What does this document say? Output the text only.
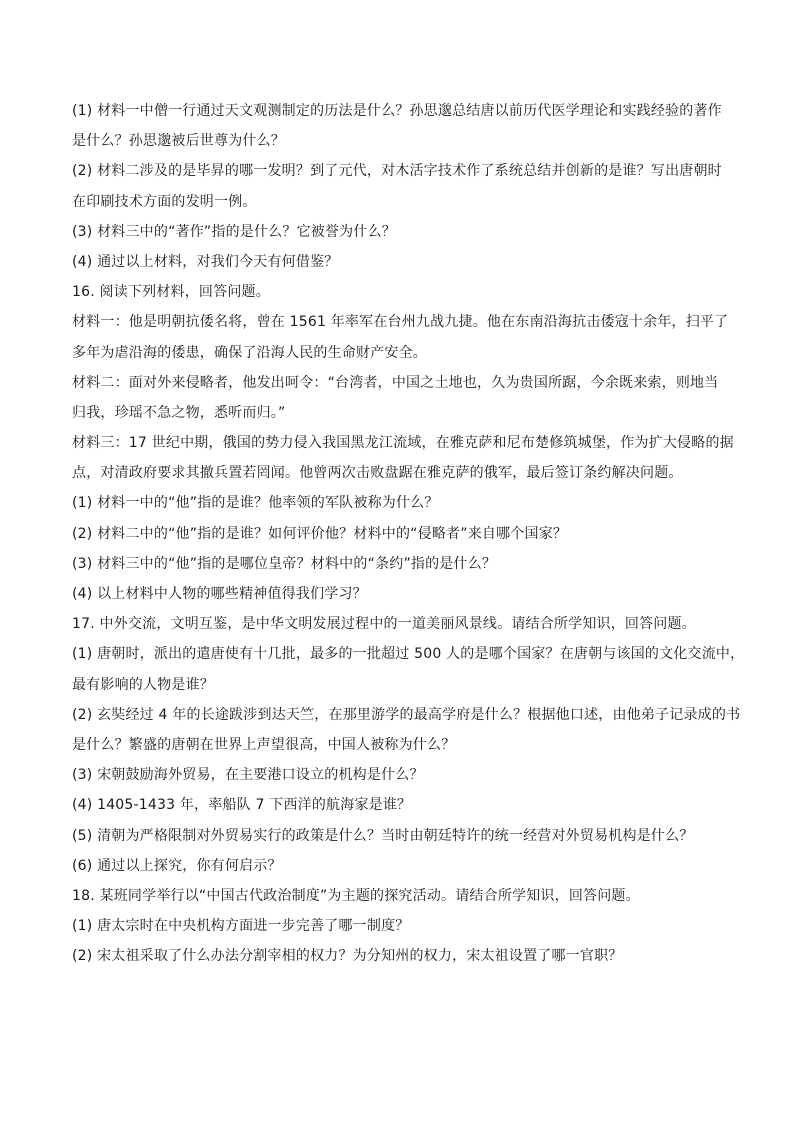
(1) 材料一中僧一行通过天文观测制定的历法是什么？孙思邈总结唐以前历代医学理论和实践经验的著作
是什么？孙思邈被后世尊为什么？
(2) 材料二涉及的是毕昇的哪一发明？到了元代，对木活字技术作了系统总结并创新的是谁？写出唐朝时
在印刷技术方面的发明一例。
(3) 材料三中的“著作”指的是什么？它被誉为什么？
(4) 通过以上材料，对我们今天有何借鉴？
16. 阅读下列材料，回答问题。
材料一：他是明朝抗倭名将，曾在 1561 年率军在台州九战九捷。他在东南沿海抗击倭寇十余年，扫平了
多年为虐沿海的倭患，确保了沿海人民的生命财产安全。
材料二：面对外来侵略者，他发出呵令：“台湾者，中国之土地也，久为贵国所踞，今余既来索，则地当
归我，珍瑶不急之物，悉听而归。”
材料三：17 世纪中期，俄国的势力侵入我国黑龙江流域，在雅克萨和尼布楚修筑城堡，作为扩大侵略的据
点，对清政府要求其撤兵置若罔闻。他曾两次击败盘踞在雅克萨的俄军，最后签订条约解决问题。
(1) 材料一中的“他”指的是谁？他率领的军队被称为什么？
(2) 材料二中的“他”指的是谁？如何评价他？材料中的“侵略者”来自哪个国家？
(3) 材料三中的“他”指的是哪位皇帝？材料中的“条约”指的是什么？
(4) 以上材料中人物的哪些精神值得我们学习？
17. 中外交流，文明互鉴，是中华文明发展过程中的一道美丽风景线。请结合所学知识，回答问题。
(1) 唐朝时，派出的遣唐使有十几批，最多的一批超过 500 人的是哪个国家？在唐朝与该国的文化交流中，
最有影响的人物是谁？
(2) 玄奘经过 4 年的长途跋涉到达天竺，在那里游学的最高学府是什么？根据他口述，由他弟子记录成的书
是什么？繁盛的唐朝在世界上声望很高，中国人被称为什么？
(3) 宋朝鼓励海外贸易，在主要港口设立的机构是什么？
(4) 1405-1433 年，率船队 7 下西洋的航海家是谁？
(5) 清朝为严格限制对外贸易实行的政策是什么？当时由朝廷特许的统一经营对外贸易机构是什么？
(6) 通过以上探究，你有何启示？
18. 某班同学举行以“中国古代政治制度”为主题的探究活动。请结合所学知识，回答问题。
(1) 唐太宗时在中央机构方面进一步完善了哪一制度？
(2) 宋太祖采取了什么办法分割宰相的权力？为分知州的权力，宋太祖设置了哪一官职？
